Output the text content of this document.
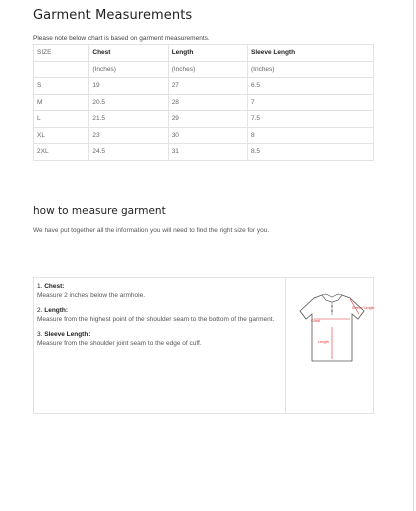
Garment Measurements
Please note below chart is based on garment measurements.
SIZE	Chest	Length	Sleeve Length
	(Inches)	(Inches)	(Inches)
S	19	27	6.5
M	20.5	28	7
L	21.5	29	7.5
XL	23	30	8
2XL	24.5	31	8.5
how to measure garment
We have put together all the information you will need to find the right size for you.
1. Chest:
Measure 2 inches below the armhole.
2. Length:
Measure from the highest point of the shoulder seam to the bottom of the garment.
3. Sleeve Length:
Measure from the shoulder joint seam to the edge of cuff.
Sleeve Length
Chest
Length
